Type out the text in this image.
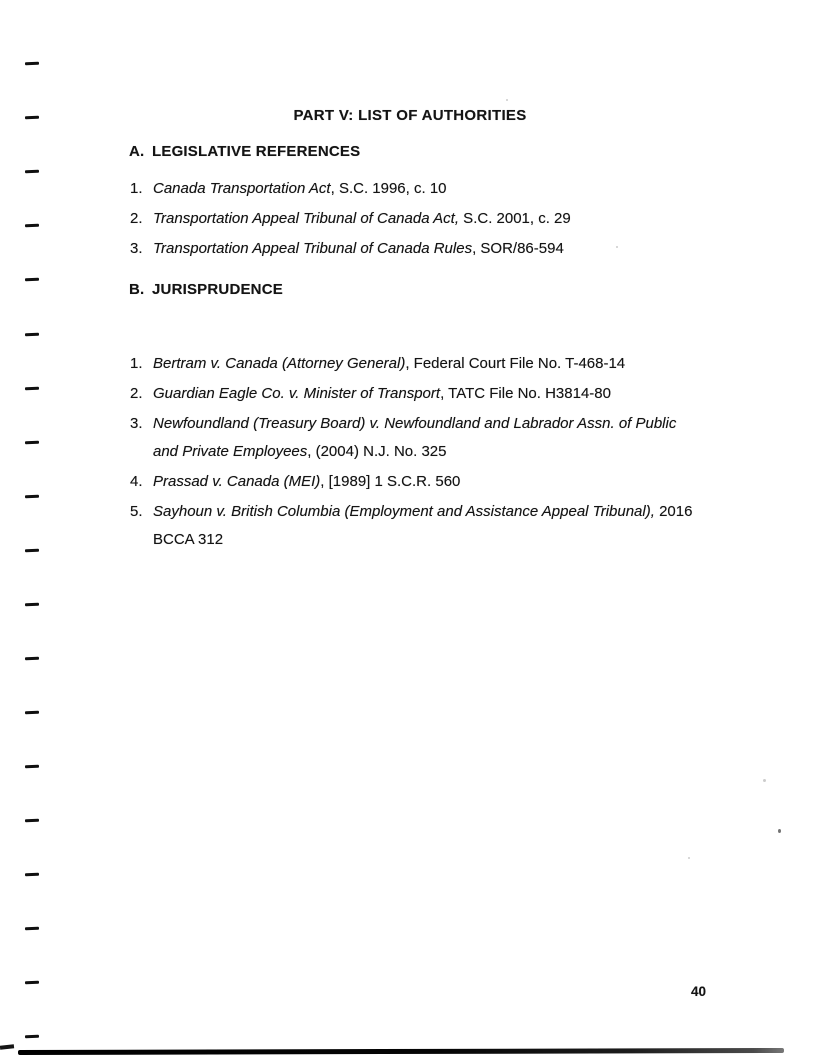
PART V: LIST OF AUTHORITIES
A. LEGISLATIVE REFERENCES
1. Canada Transportation Act, S.C. 1996, c. 10
2. Transportation Appeal Tribunal of Canada Act, S.C. 2001, c. 29
3. Transportation Appeal Tribunal of Canada Rules, SOR/86-594
B. JURISPRUDENCE
1. Bertram v. Canada (Attorney General), Federal Court File No. T-468-14
2. Guardian Eagle Co. v. Minister of Transport, TATC File No. H3814-80
3. Newfoundland (Treasury Board) v. Newfoundland and Labrador Assn. of Public and Private Employees, (2004) N.J. No. 325
4. Prassad v. Canada (MEI), [1989] 1 S.C.R. 560
5. Sayhoun v. British Columbia (Employment and Assistance Appeal Tribunal), 2016 BCCA 312
40
